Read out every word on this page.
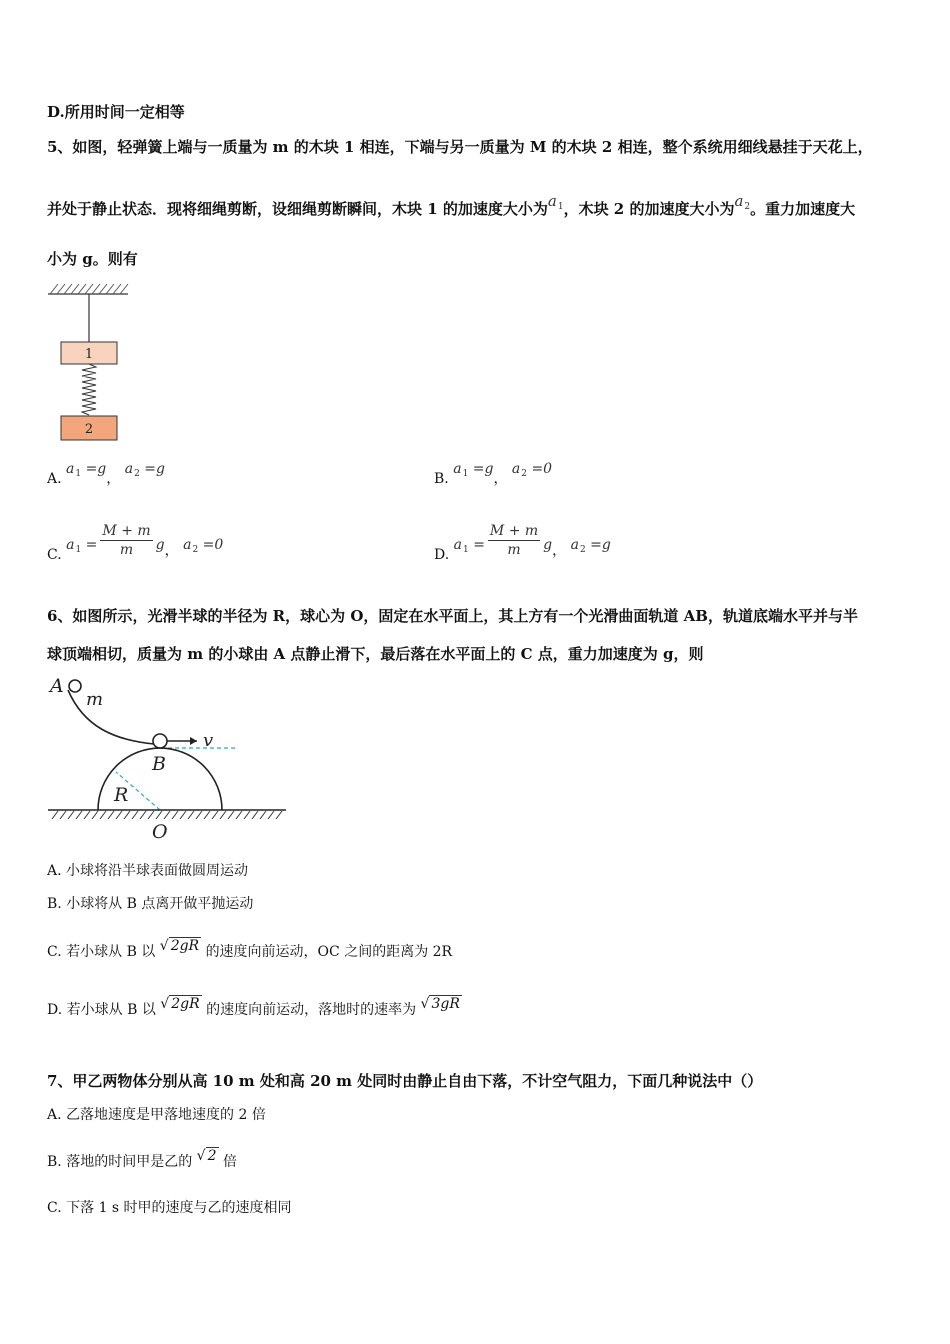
D.所用时间一定相等
5、如图，轻弹簧上端与一质量为 m 的木块 1 相连，下端与另一质量为 M 的木块 2 相连，整个系统用细线悬挂于天花上，
并处于静止状态．现将细绳剪断，设细绳剪断瞬间，木块 1 的加速度大小为$a_1$，木块 2 的加速度大小为$a_2$。重力加速度大
小为 g。则有
1
2
A. $a_1 =g$， $a_2 =g$
B. $a_1 =g$， $a_2 =0$
C. $a_1 = \frac{M + m}{m}$ g， $a_2 =0$
D. $a_1 = \frac{M + m}{m}$ g， $a_2 =g$
6、如图所示，光滑半球的半径为 R，球心为 O，固定在水平面上，其上方有一个光滑曲面轨道 AB，轨道底端水平并与半
球顶端相切，质量为 m 的小球由 A 点静止滑下，最后落在水平面上的 C 点，重力加速度为 g，则
A
m
v
B
R
O
A. 小球将沿半球表面做圆周运动
B. 小球将从 B 点离开做平抛运动
C. 若小球从 B 以 √ 2gR 的速度向前运动，OC 之间的距离为 2R
D. 若小球从 B 以 √ 2gR 的速度向前运动，落地时的速率为 √ 3gR
7、甲乙两物体分别从高 10 m 处和高 20 m 处同时由静止自由下落，不计空气阻力，下面几种说法中（）
A. 乙落地速度是甲落地速度的 2 倍
B. 落地的时间甲是乙的 √ 2 倍
C. 下落 1 s 时甲的速度与乙的速度相同
